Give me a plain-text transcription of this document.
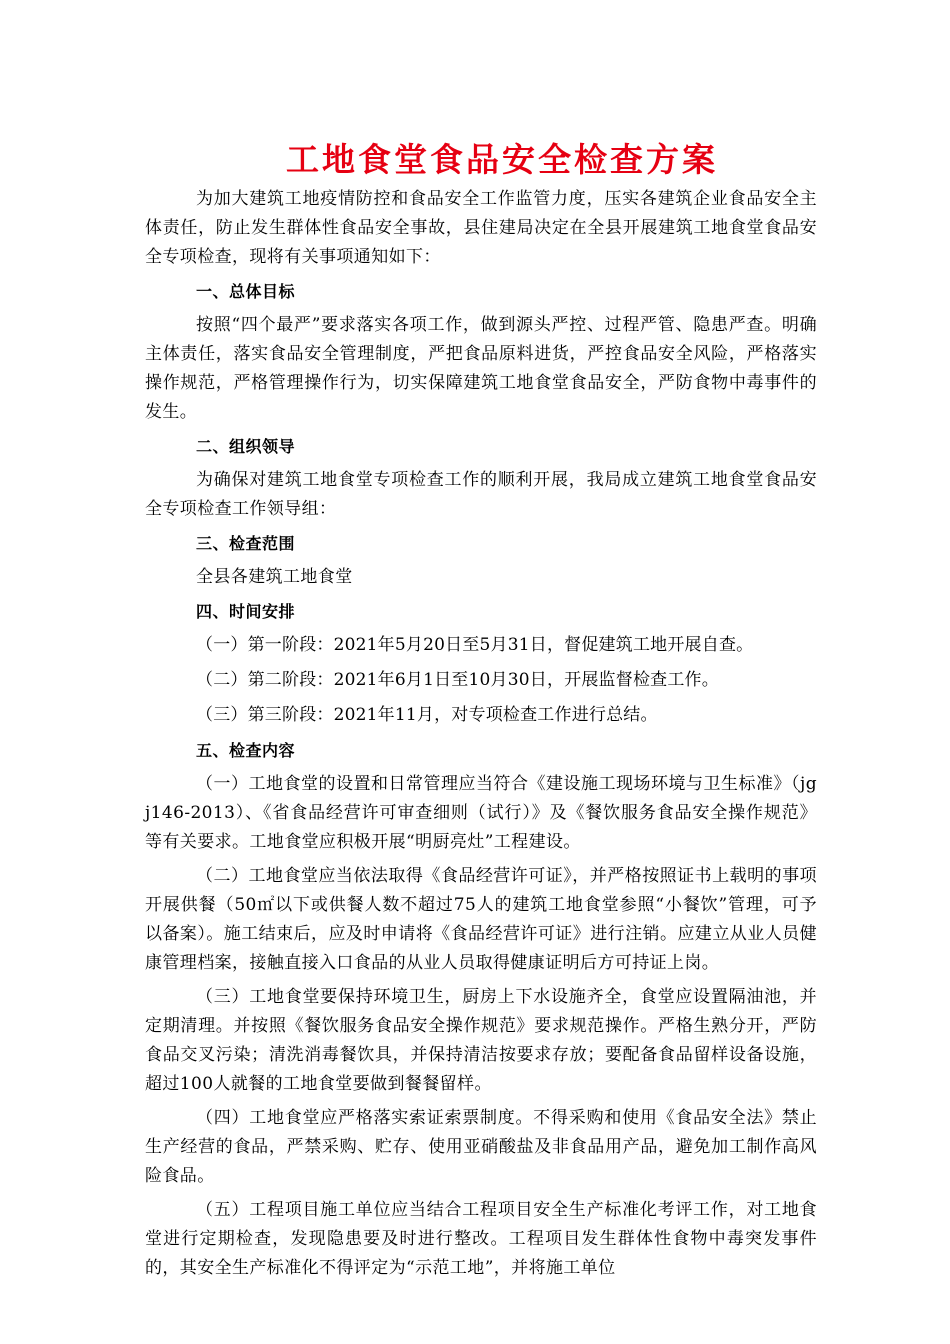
工地食堂食品安全检查方案

为加大建筑工地疫情防控和食品安全工作监管力度，压实各建筑企业食品安全主体责任，防止发生群体性食品安全事故，县住建局决定在全县开展建筑工地食堂食品安全专项检查，现将有关事项通知如下：

一、总体目标

按照“四个最严”要求落实各项工作，做到源头严控、过程严管、隐患严查。明确主体责任，落实食品安全管理制度，严把食品原料进货，严控食品安全风险，严格落实操作规范，严格管理操作行为，切实保障建筑工地食堂食品安全，严防食物中毒事件的发生。

二、组织领导

为确保对建筑工地食堂专项检查工作的顺利开展，我局成立建筑工地食堂食品安全专项检查工作领导组：

三、检查范围

全县各建筑工地食堂

四、时间安排

（一）第一阶段：2021年5月20日至5月31日，督促建筑工地开展自查。

（二）第二阶段：2021年6月1日至10月30日，开展监督检查工作。

（三）第三阶段：2021年11月，对专项检查工作进行总结。

五、检查内容

（一）工地食堂的设置和日常管理应当符合《建设施工现场环境与卫生标准》（jgj146-2013）、《省食品经营许可审查细则（试行）》及《餐饮服务食品安全操作规范》等有关要求。工地食堂应积极开展“明厨亮灶”工程建设。

（二）工地食堂应当依法取得《食品经营许可证》，并严格按照证书上载明的事项开展供餐（50㎡以下或供餐人数不超过75人的建筑工地食堂参照“小餐饮”管理，可予以备案）。施工结束后，应及时申请将《食品经营许可证》进行注销。应建立从业人员健康管理档案，接触直接入口食品的从业人员取得健康证明后方可持证上岗。

（三）工地食堂要保持环境卫生，厨房上下水设施齐全，食堂应设置隔油池，并定期清理。并按照《餐饮服务食品安全操作规范》要求规范操作。严格生熟分开，严防食品交叉污染；清洗消毒餐饮具，并保持清洁按要求存放；要配备食品留样设备设施，超过100人就餐的工地食堂要做到餐餐留样。

（四）工地食堂应严格落实索证索票制度。不得采购和使用《食品安全法》禁止生产经营的食品，严禁采购、贮存、使用亚硝酸盐及非食品用产品，避免加工制作高风险食品。

（五）工程项目施工单位应当结合工程项目安全生产标准化考评工作，对工地食堂进行定期检查，发现隐患要及时进行整改。工程项目发生群体性食物中毒突发事件的，其安全生产标准化不得评定为“示范工地”，并将施工单位
